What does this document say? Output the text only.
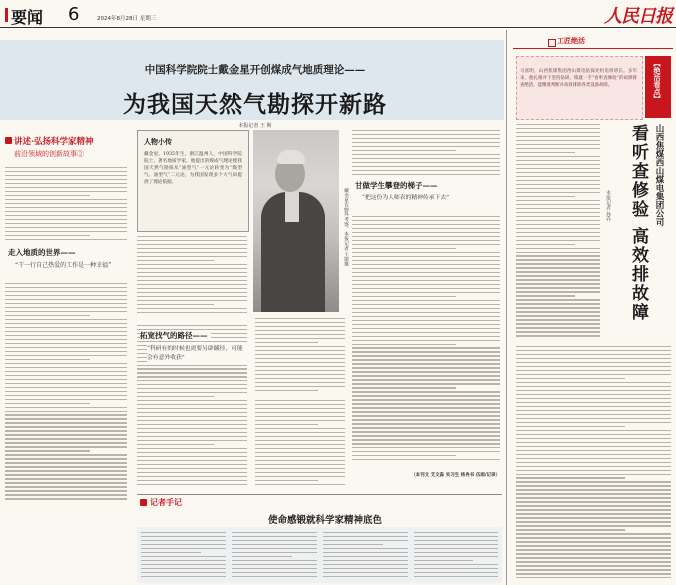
要闻 6	2024年8月28日 星期三	人民日报
中国科学院院士戴金星开创煤成气地质理论——
为我国天然气勘探开新路
本报记者 王 斯
讲述·弘扬科学家精神
前沿领域的创新故事②
走入地质的世界——
“干一行自己热爱的工作是一种幸福”
人物小传
戴金星，1935年生，浙江温州人，中国科学院院士，著名地质学家。他提出的煤成气理论使我国天然气勘探从“油型气”一元论转变为“煤型气、油型气”二元论，为我国发现多个大气田提供了理论依据。
戴金星在野外考察。本报记者 王斯摄
拓宽找气的路径——
“科研有的时候也需要另辟蹊径，可能会有意外收获”
甘做学生攀登的梯子——
“把这份为人师表的精神传承下去”
（本刊文 艾文淼 实习生 杨冉书 伍雨/记录）
记者手记
使命感锻就科学家精神底色
工匠绝活
马富明，山西焦煤集团西山煤电钻探处机电班班长。多年来，他扎根井下坚持钻研，练就一手“看听查修验”的故障排查绝活，能精准判断并高效排除各类设备故障。	【绝活看点】
山西焦煤西山煤电集团公司
看听查修验 高效排故障
本报记者 孙乔
